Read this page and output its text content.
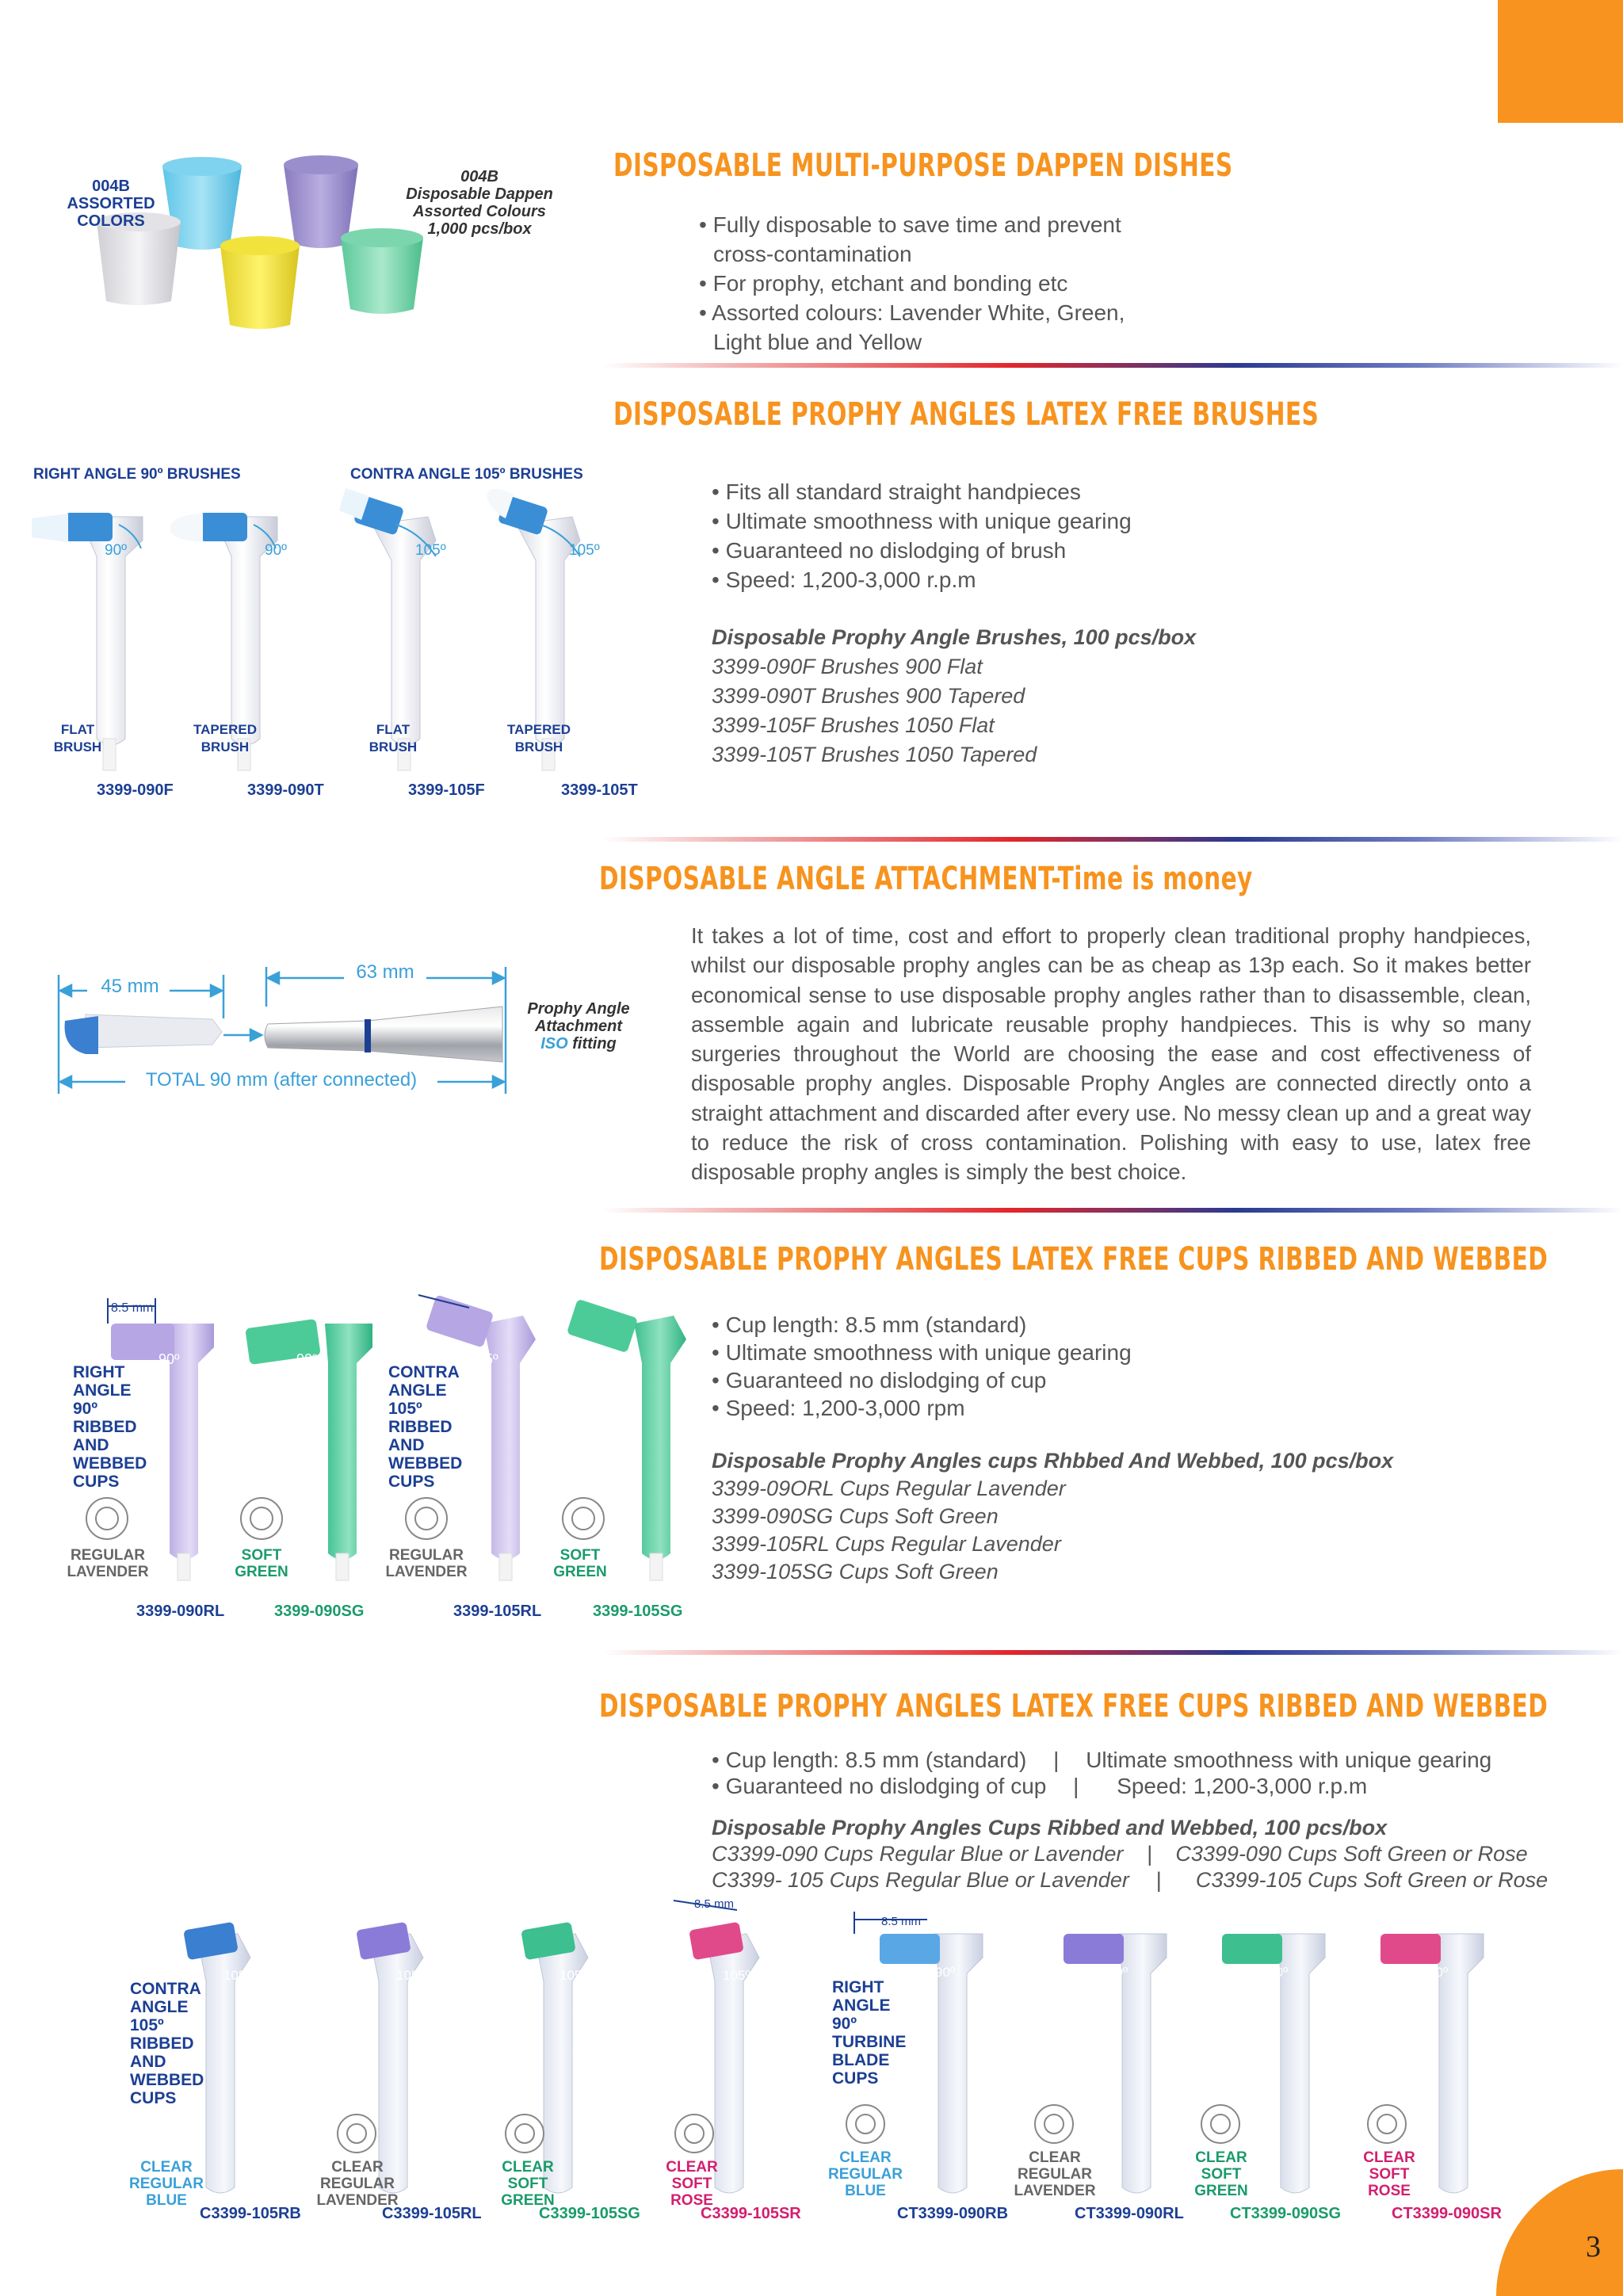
3
DISPOSABLE MULTI-PURPOSE DAPPEN DISHES
004B
ASSORTED
COLORS
004B
Disposable Dappen
Assorted Colours
1,000 pcs/box
•	Fully disposable to save time and prevent cross-contamination
• For prophy, etchant and bonding etc
• Assorted colours: Lavender White, Green, Light blue and Yellow
DISPOSABLE PROPHY ANGLES LATEX FREE BRUSHES
RIGHT ANGLE 90º BRUSHES	CONTRA ANGLE 105º BRUSHES
90º	90º	105º	105º
FLAT BRUSH
TAPERED BRUSH
FLAT BRUSH
TAPERED BRUSH
3399-090F	3399-090T	3399-105F	3399-105T
• Fits all standard straight handpieces
• Ultimate smoothness with unique gearing
• Guaranteed no dislodging of brush
• Speed: 1,200-3,000 r.p.m
Disposable Prophy Angle Brushes, 100 pcs/box
3399-090F Brushes 900 Flat
3399-090T Brushes 900 Tapered
3399-105F Brushes 1050 Flat
3399-105T Brushes 1050 Tapered
DISPOSABLE ANGLE ATTACHMENT-Time is money
45 mm
63 mm
TOTAL 90 mm (after connected)
Prophy Angle
Attachment
ISO fitting
It takes a lot of time, cost and effort to properly clean traditional prophy handpieces, whilst our disposable prophy angles can be as cheap as 13p each. So it makes better economical sense to use disposable prophy angles rather than to disassemble, clean, assemble again and lubricate reusable prophy handpieces. This is why so many surgeries throughout the World are choosing the ease and cost effectiveness of disposable prophy angles. Disposable Prophy Angles are connected directly onto a straight attachment and discarded after every use. No messy clean up and a great way to reduce the risk of cross contamination. Polishing with easy to use, latex free disposable prophy angles is simply the best choice.
DISPOSABLE PROPHY ANGLES LATEX FREE CUPS RIBBED AND WEBBED
8.5 mm
90º	90º	105º	105º
RIGHT
ANGLE
90º
RIBBED
AND
WEBBED
CUPS
CONTRA
ANGLE
105º
RIBBED
AND
WEBBED
CUPS
REGULAR
LAVENDER
SOFT
GREEN
REGULAR
LAVENDER
SOFT
GREEN
3399-090RL	3399-090SG	3399-105RL	3399-105SG
• Cup length: 8.5 mm (standard)
• Ultimate smoothness with unique gearing
• Guaranteed no dislodging of cup
• Speed: 1,200-3,000 rpm
Disposable Prophy Angles cups Rhbbed And Webbed, 100 pcs/box
3399-09ORL Cups Regular Lavender
3399-090SG Cups Soft Green
3399-105RL Cups Regular Lavender
3399-105SG Cups Soft Green
DISPOSABLE PROPHY ANGLES LATEX FREE CUPS RIBBED AND WEBBED
• Cup length: 8.5 mm (standard) | Ultimate smoothness with unique gearing
• Guaranteed no dislodging of cup | Speed: 1,200-3,000 r.p.m
Disposable Prophy Angles Cups Ribbed and Webbed, 100 pcs/box
C3399-090 Cups Regular Blue or Lavender | C3399-090 Cups Soft Green or Rose
C3399- 105 Cups Regular Blue or Lavender | C3399-105 Cups Soft Green or Rose
8.5 mm
8.5 mm
105º	105º	105º	105º	90º	90º	90º	90º
CONTRA
ANGLE
105º
RIBBED
AND
WEBBED
CUPS
RIGHT
ANGLE
90º
TURBINE
BLADE
CUPS
CLEAR
REGULAR
BLUE
CLEAR
REGULAR
LAVENDER
CLEAR
SOFT
GREEN
CLEAR
SOFT
ROSE
CLEAR
REGULAR
BLUE
CLEAR
REGULAR
LAVENDER
CLEAR
SOFT
GREEN
CLEAR
SOFT
ROSE
C3399-105RB	C3399-105RL	C3399-105SG	C3399-105SR	CT3399-090RB	CT3399-090RL	CT3399-090SG	CT3399-090SR
